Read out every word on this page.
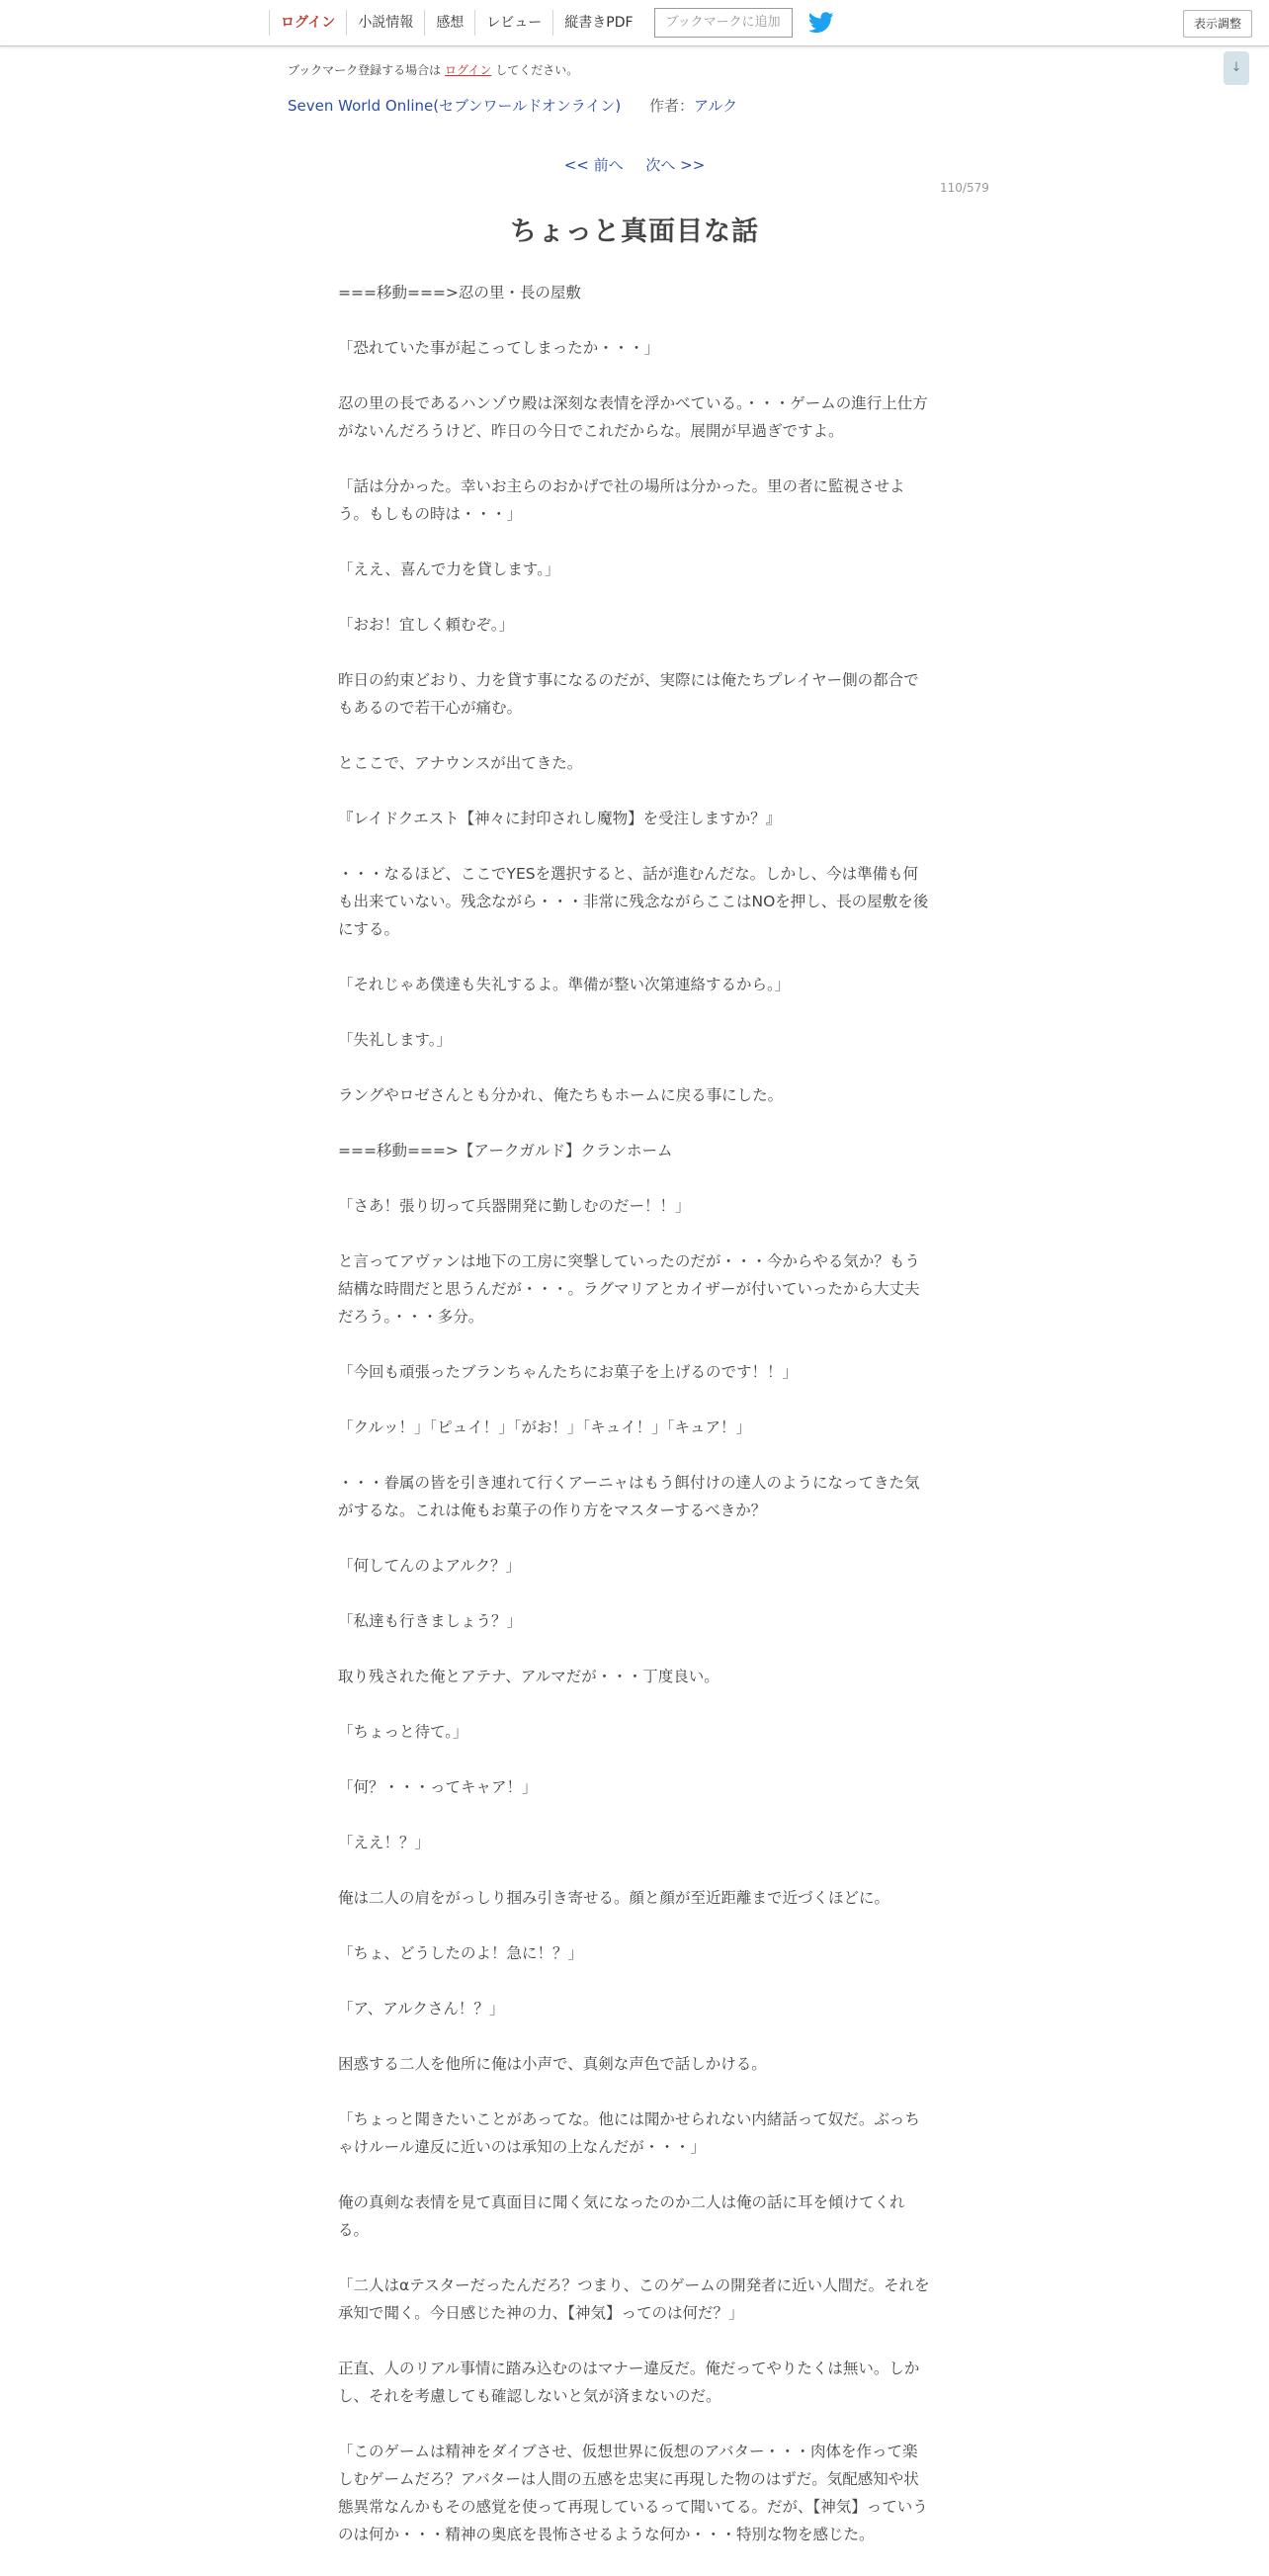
ログイン	小説情報	感想	レビュー	縦書きPDF	ブックマークに追加	表示調整
↓
ブックマーク登録する場合は ログイン してください。
Seven World Online(セブンワールドオンライン) 作者：アルク
<< 前へ 次へ >>
110/579
ちょっと真面目な話

===移動===>忍の里・長の屋敷

「恐れていた事が起こってしまったか・・・」

忍の里の長であるハンゾウ殿は深刻な表情を浮かべている。・・・ゲームの進行上仕方がないんだろうけど、昨日の今日でこれだからな。展開が早過ぎですよ。

「話は分かった。幸いお主らのおかげで社の場所は分かった。里の者に監視させよう。もしもの時は・・・」

「ええ、喜んで力を貸します。」

「おお！宜しく頼むぞ。」

昨日の約束どおり、力を貸す事になるのだが、実際には俺たちプレイヤー側の都合でもあるので若干心が痛む。

とここで、アナウンスが出てきた。

『レイドクエスト【神々に封印されし魔物】を受注しますか？』

・・・なるほど、ここでYESを選択すると、話が進むんだな。しかし、今は準備も何も出来ていない。残念ながら・・・非常に残念ながらここはNOを押し、長の屋敷を後にする。

「それじゃあ僕達も失礼するよ。準備が整い次第連絡するから。」

「失礼します。」

ラングやロゼさんとも分かれ、俺たちもホームに戻る事にした。

===移動===>【アークガルド】クランホーム

「さあ！張り切って兵器開発に勤しむのだー！！」

と言ってアヴァンは地下の工房に突撃していったのだが・・・今からやる気か？もう結構な時間だと思うんだが・・・。ラグマリアとカイザーが付いていったから大丈夫だろう。・・・多分。

「今回も頑張ったブランちゃんたちにお菓子を上げるのです！！」

「クルッ！」「ピュイ！」「がお！」「キュイ！」「キュア！」

・・・眷属の皆を引き連れて行くアーニャはもう餌付けの達人のようになってきた気がするな。これは俺もお菓子の作り方をマスターするべきか？

「何してんのよアルク？」

「私達も行きましょう？」

取り残された俺とアテナ、アルマだが・・・丁度良い。

「ちょっと待て。」

「何？・・・ってキャア！」

「ええ！？」

俺は二人の肩をがっしり掴み引き寄せる。顔と顔が至近距離まで近づくほどに。

「ちょ、どうしたのよ！急に！？」

「ア、アルクさん！？」

困惑する二人を他所に俺は小声で、真剣な声色で話しかける。

「ちょっと聞きたいことがあってな。他には聞かせられない内緒話って奴だ。ぶっちゃけルール違反に近いのは承知の上なんだが・・・」

俺の真剣な表情を見て真面目に聞く気になったのか二人は俺の話に耳を傾けてくれる。

「二人はαテスターだったんだろ？つまり、このゲームの開発者に近い人間だ。それを承知で聞く。今日感じた神の力、【神気】ってのは何だ？」

正直、人のリアル事情に踏み込むのはマナー違反だ。俺だってやりたくは無い。しかし、それを考慮しても確認しないと気が済まないのだ。

「このゲームは精神をダイブさせ、仮想世界に仮想のアバター・・・肉体を作って楽しむゲームだろ？アバターは人間の五感を忠実に再現した物のはずだ。気配感知や状態異常なんかもその感覚を使って再現しているって聞いてる。だが、【神気】っていうのは何か・・・精神の奥底を畏怖させるような何か・・・特別な物を感じた。
